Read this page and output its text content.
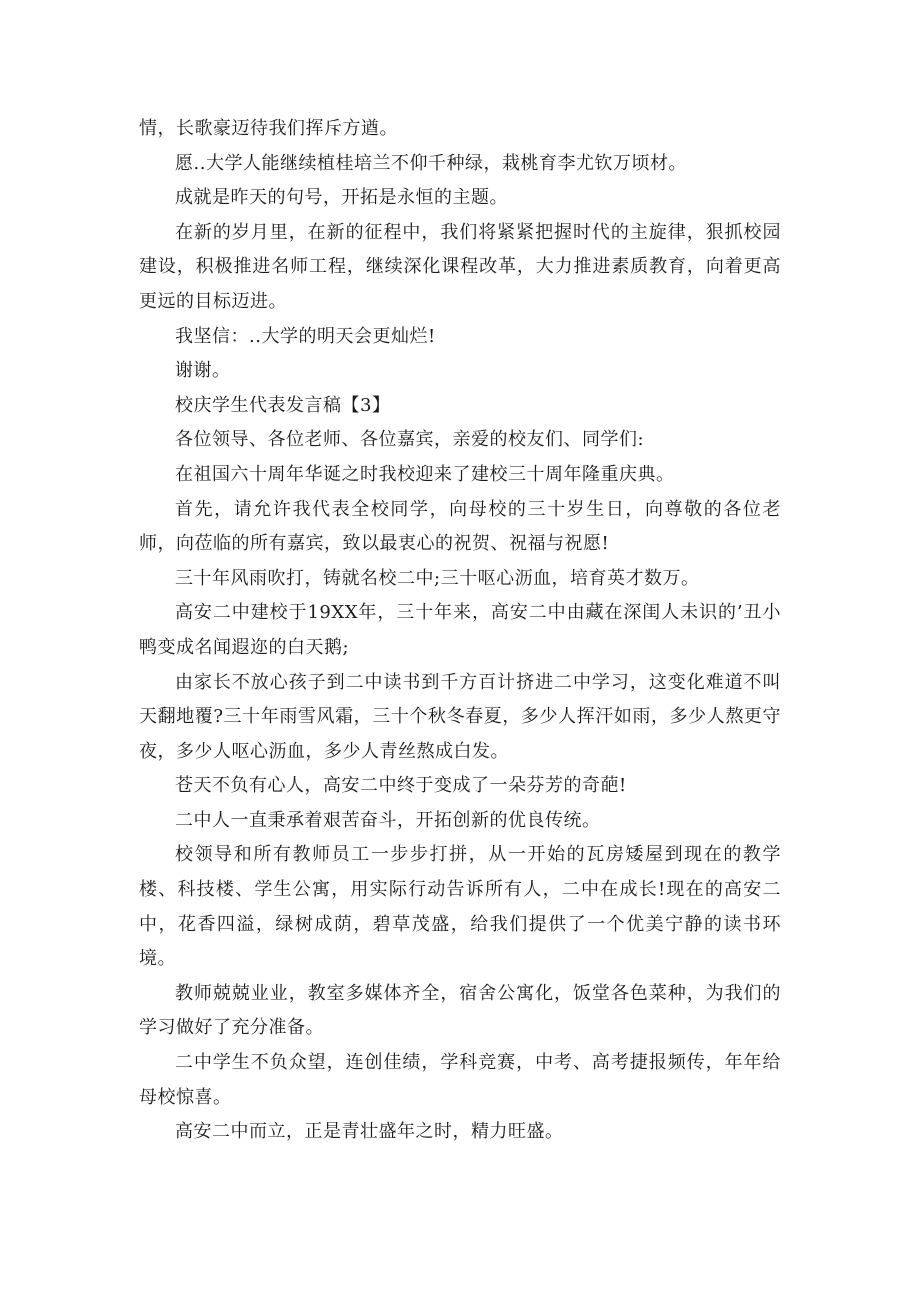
情，长歌豪迈待我们挥斥方遒。

愿..大学人能继续植桂培兰不仰千种绿，栽桃育李尤钦万顷材。

成就是昨天的句号，开拓是永恒的主题。

在新的岁月里，在新的征程中，我们将紧紧把握时代的主旋律，狠抓校园建设，积极推进名师工程，继续深化课程改革，大力推进素质教育，向着更高更远的目标迈进。

我坚信：..大学的明天会更灿烂!

谢谢。

校庆学生代表发言稿【3】

各位领导、各位老师、各位嘉宾，亲爱的校友们、同学们:

在祖国六十周年华诞之时我校迎来了建校三十周年隆重庆典。

首先，请允许我代表全校同学，向母校的三十岁生日，向尊敬的各位老师，向莅临的所有嘉宾，致以最衷心的祝贺、祝福与祝愿!

三十年风雨吹打，铸就名校二中;三十呕心沥血，培育英才数万。

高安二中建校于19XX年，三十年来，高安二中由藏在深闺人未识的’丑小鸭变成名闻遐迩的白天鹅;

由家长不放心孩子到二中读书到千方百计挤进二中学习，这变化难道不叫天翻地覆?三十年雨雪风霜，三十个秋冬春夏，多少人挥汗如雨，多少人熬更守夜，多少人呕心沥血，多少人青丝熬成白发。

苍天不负有心人，高安二中终于变成了一朵芬芳的奇葩!

二中人一直秉承着艰苦奋斗，开拓创新的优良传统。

校领导和所有教师员工一步步打拼，从一开始的瓦房矮屋到现在的教学楼、科技楼、学生公寓，用实际行动告诉所有人，二中在成长!现在的高安二中，花香四溢，绿树成荫，碧草茂盛，给我们提供了一个优美宁静的读书环境。

教师兢兢业业，教室多媒体齐全，宿舍公寓化，饭堂各色菜种，为我们的学习做好了充分准备。

二中学生不负众望，连创佳绩，学科竞赛，中考、高考捷报频传，年年给母校惊喜。

高安二中而立，正是青壮盛年之时，精力旺盛。
